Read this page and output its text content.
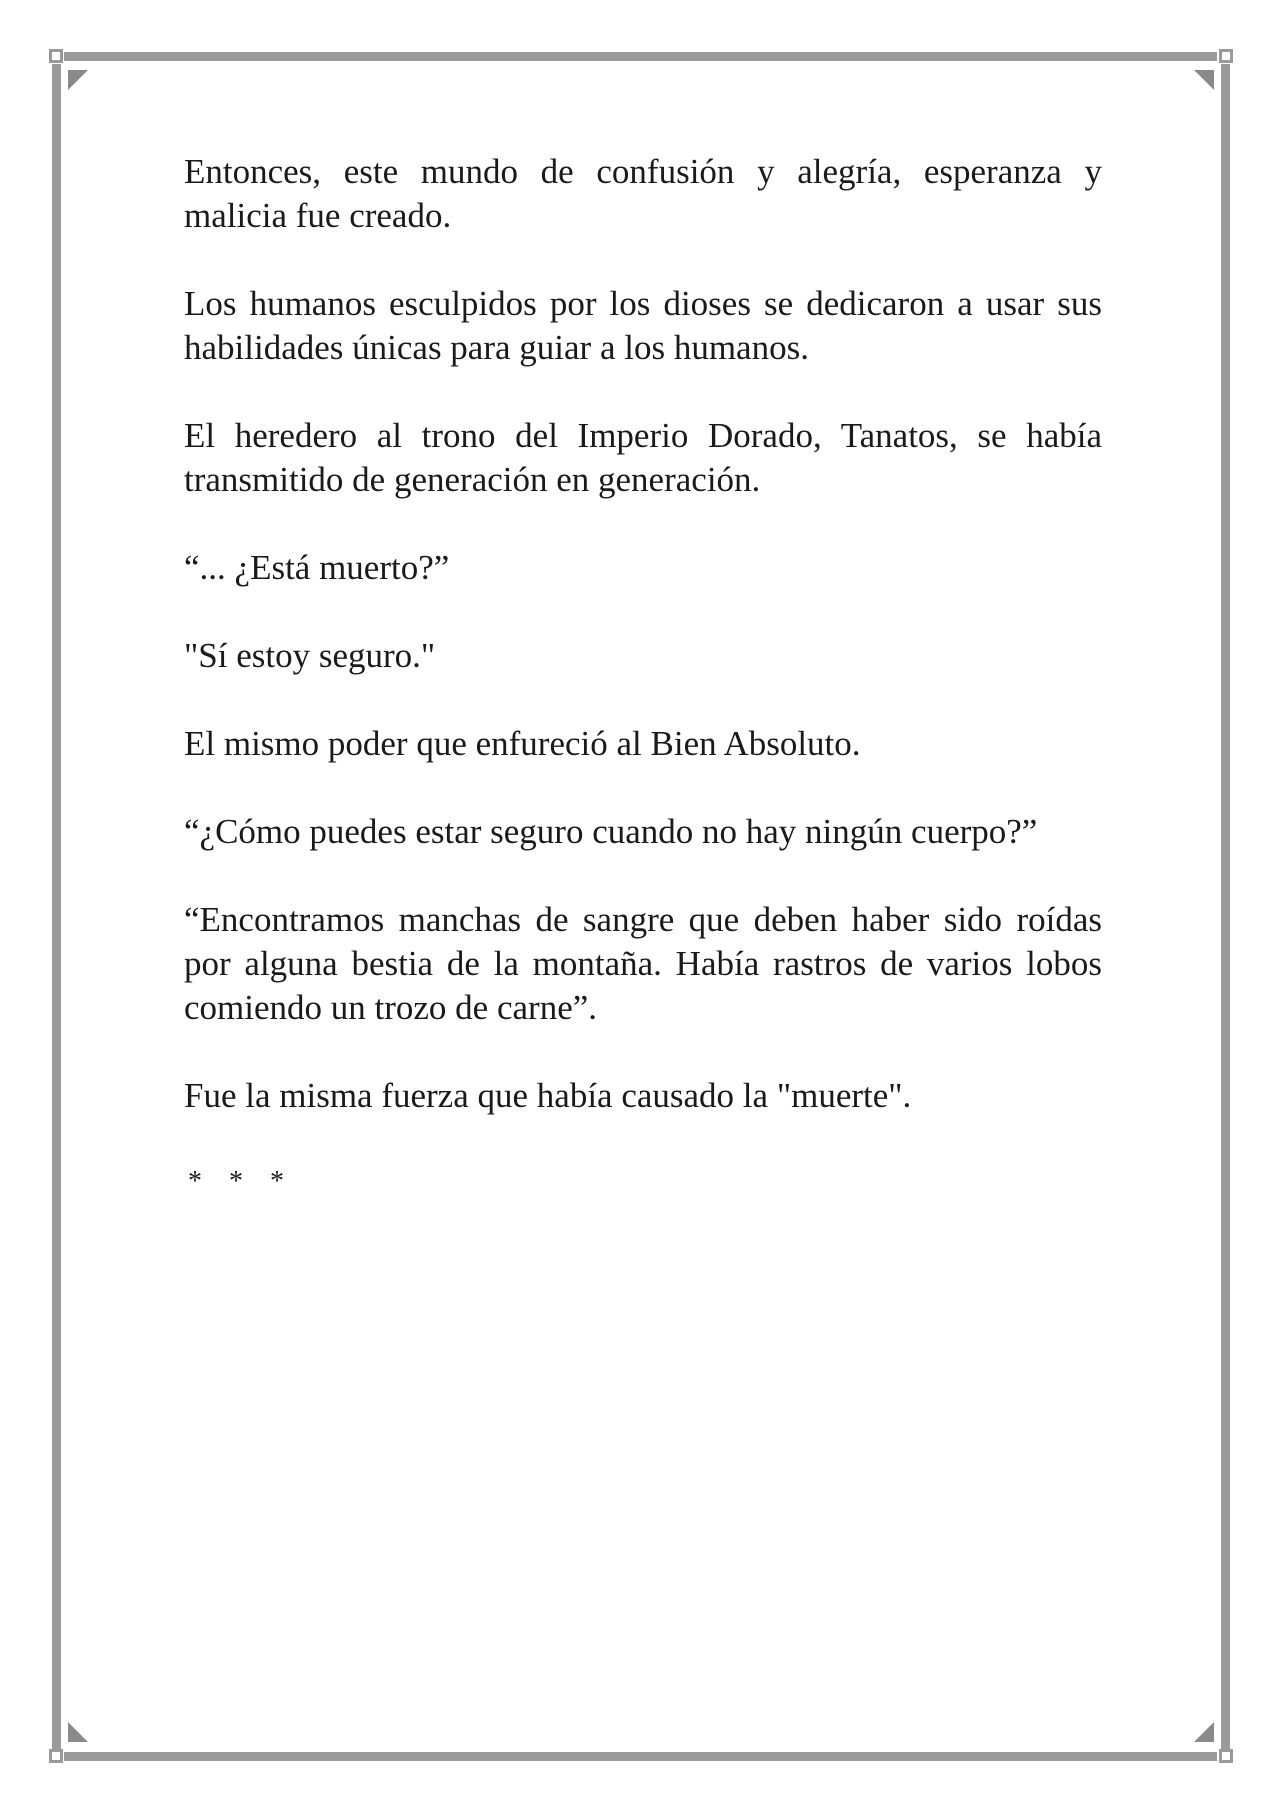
Entonces, este mundo de confusión y alegría, esperanza y malicia fue creado.

Los humanos esculpidos por los dioses se dedicaron a usar sus habilidades únicas para guiar a los humanos.

El heredero al trono del Imperio Dorado, Tanatos, se había transmitido de generación en generación.

“... ¿Está muerto?”

"Sí estoy seguro."

El mismo poder que enfureció al Bien Absoluto.

“¿Cómo puedes estar seguro cuando no hay ningún cuerpo?”

“Encontramos manchas de sangre que deben haber sido roídas por alguna bestia de la montaña. Había rastros de varios lobos comiendo un trozo de carne”.

Fue la misma fuerza que había causado la "muerte".

* * *
